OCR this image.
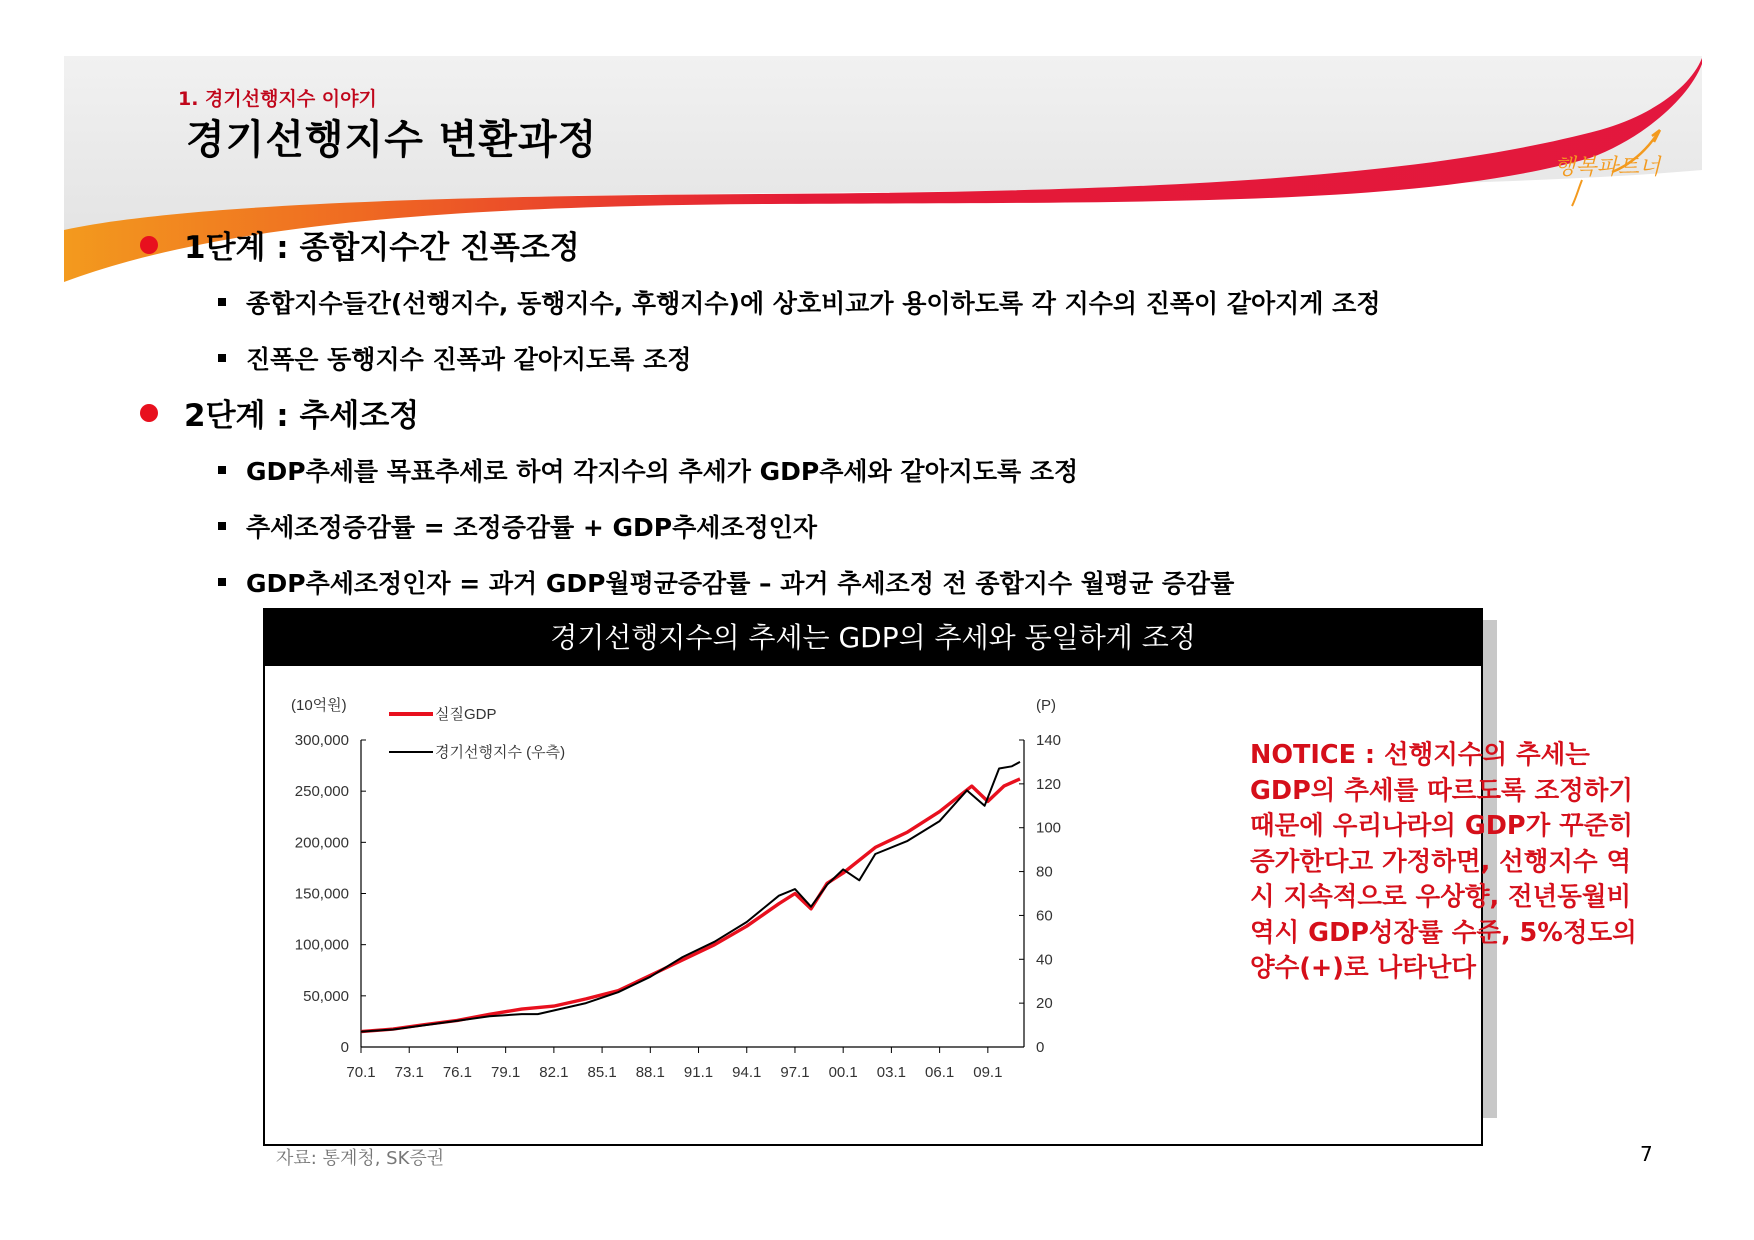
1. 경기선행지수 이야기
경기선행지수 변환과정
행복파트너
1단계 : 종합지수간 진폭조정
종합지수들간(선행지수, 동행지수, 후행지수)에 상호비교가 용이하도록 각 지수의 진폭이 같아지게 조정
진폭은 동행지수 진폭과 같아지도록 조정
2단계 : 추세조정
GDP추세를 목표추세로 하여 각지수의 추세가 GDP추세와 같아지도록 조정
추세조정증감률 = 조정증감률 + GDP추세조정인자
GDP추세조정인자 = 과거 GDP월평균증감률 – 과거 추세조정 전 종합지수 월평균 증감률
자료: 통계청, SK증권
경기선행지수의 추세는 GDP의 추세와 동일하게 조정
(10억원)	(P)
300,000
250,000
200,000
150,000
100,000
50,000
0
140
120
100
80
60
40
20
0
70.1 73.1 76.1 79.1 82.1 85.1 88.1 91.1 94.1 97.1 00.1 03.1 06.1 09.1
실질GDP
경기선행지수 (우측)	NOTICE : 선행지수의 추세는 GDP의 추세를 따르도록 조정하기 때문에 우리나라의 GDP가 꾸준히 증가한다고 가정하면, 선행지수 역시 지속적으로 우상향, 전년동월비 역시 GDP성장률 수준, 5%정도의 양수(+)로 나타난다
7
